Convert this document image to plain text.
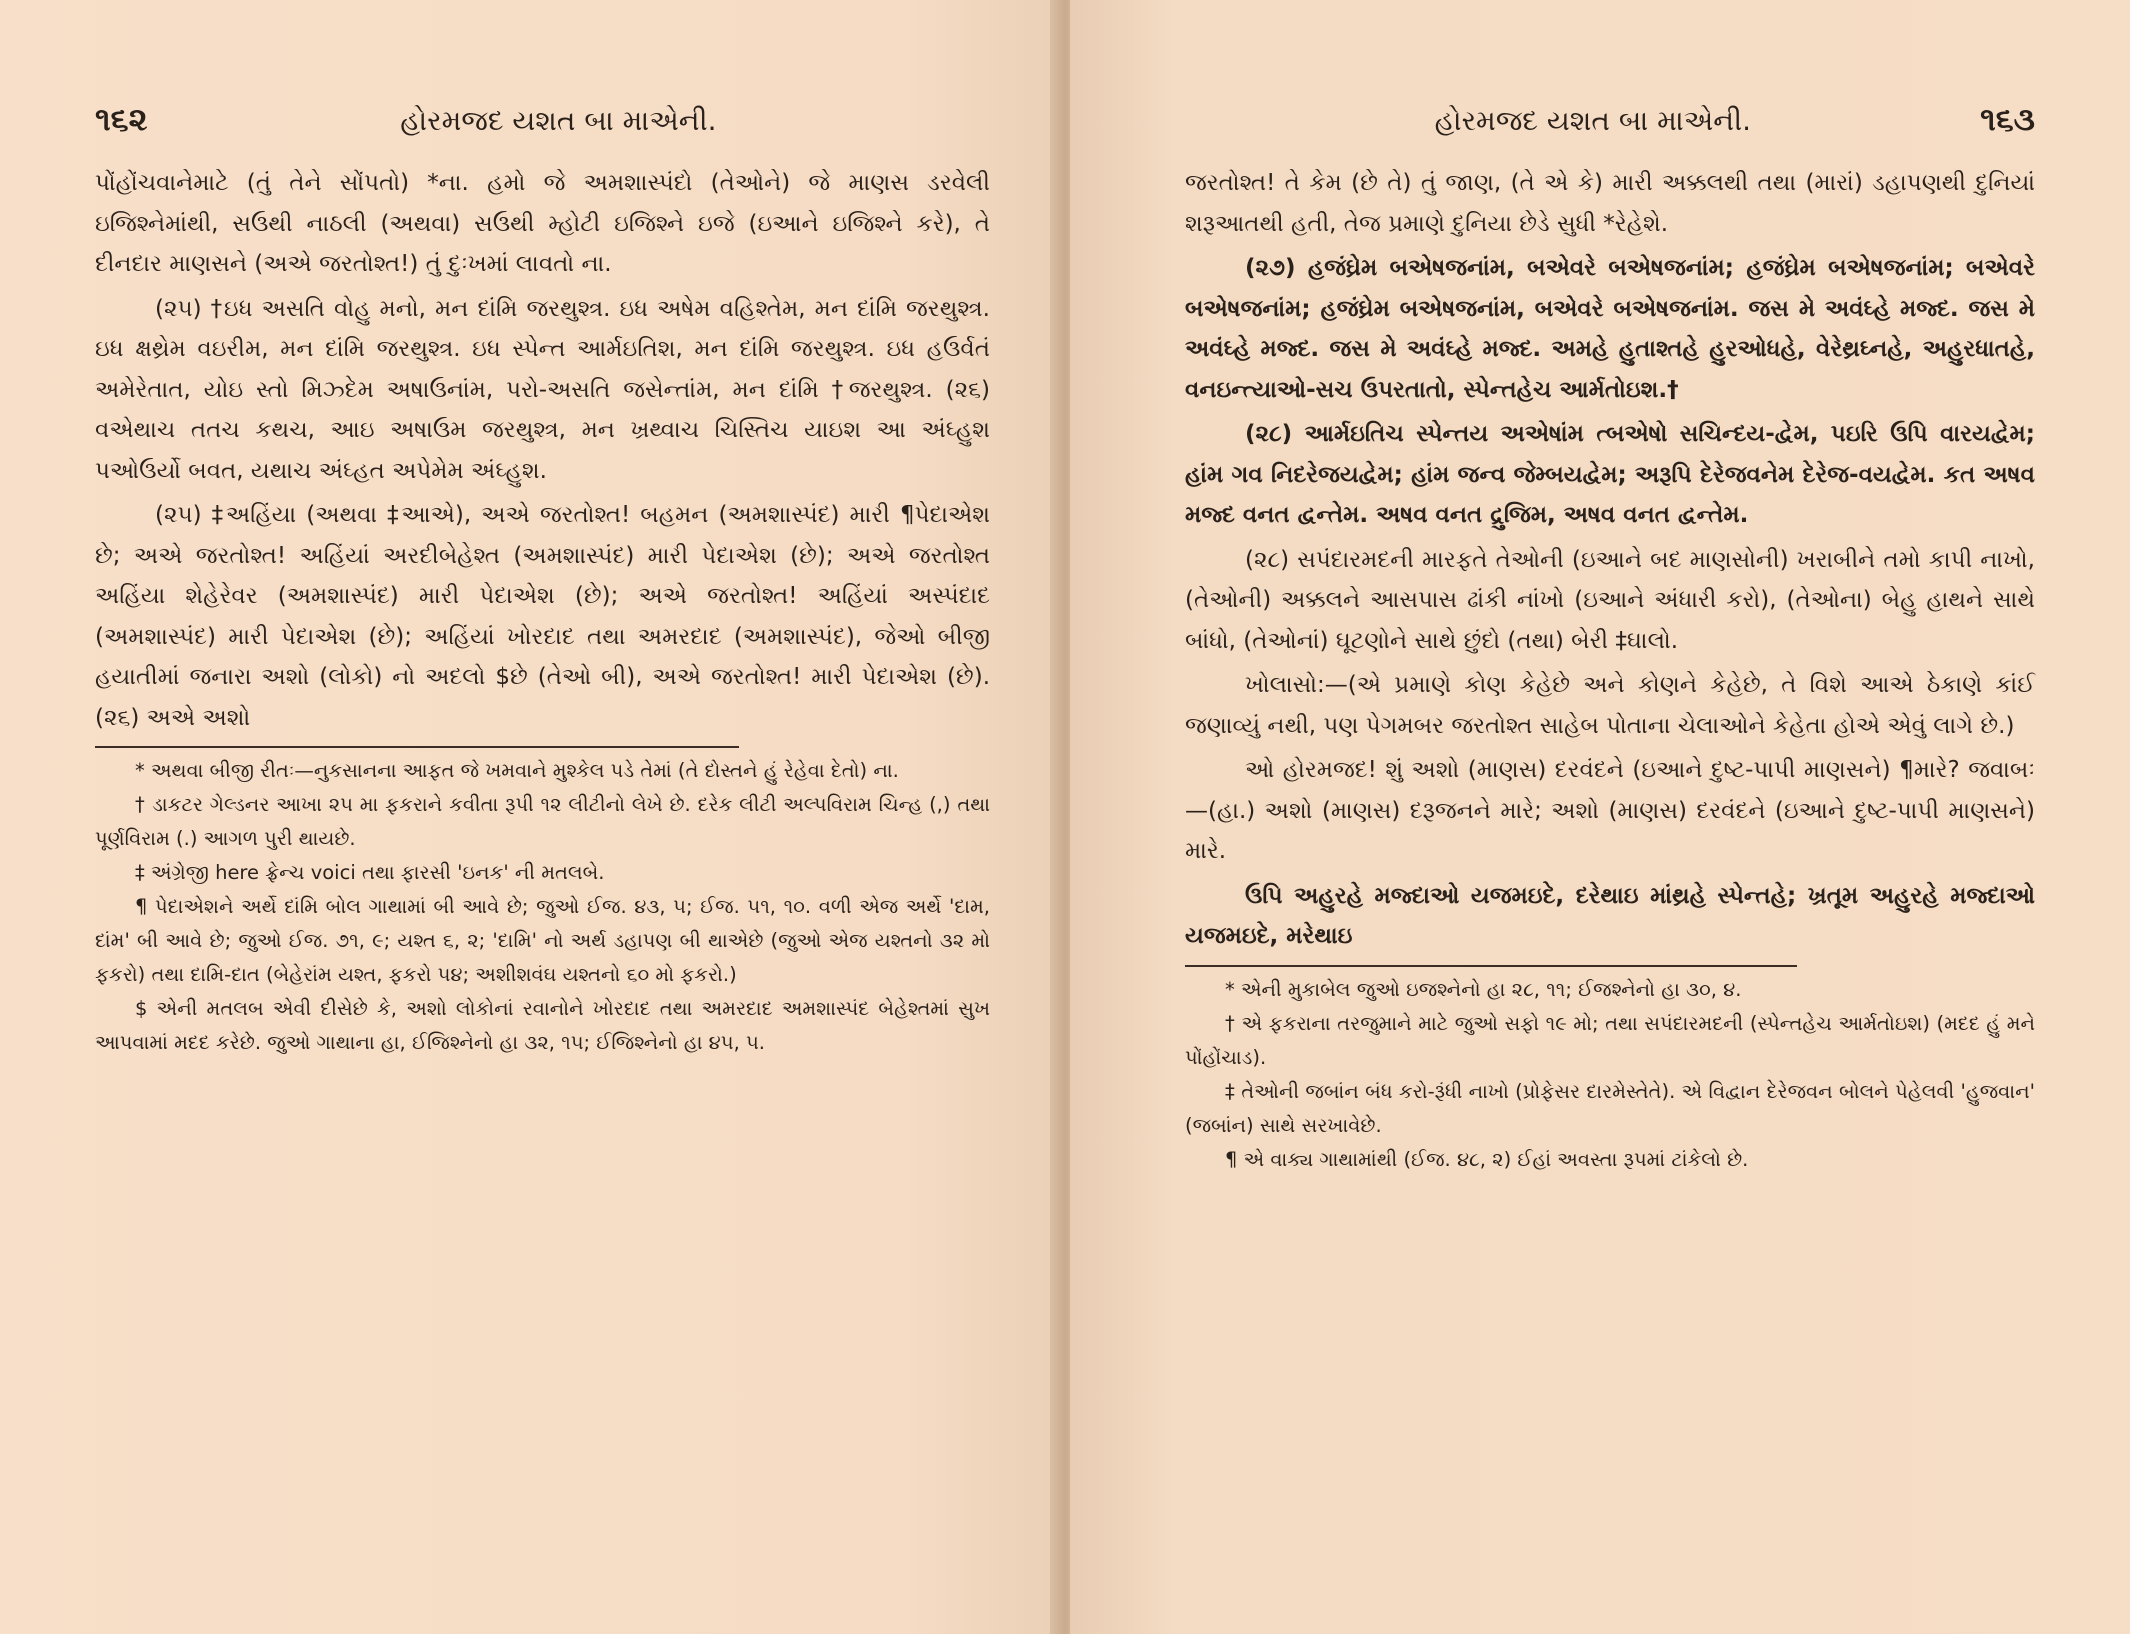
૧૬૨	હોરમજદ યશત બા માએની.

પોંહોંચવાનેમાટે (તું તેને સોંપતો) *ના. હમો જે અમશાસ્પંદો (તેઓને) જે માણસ ડરવેલી ઇજિશ્નેમાંથી, સઉથી નાઠલી (અથવા) સઉથી મ્હોટી ઇજિશ્ને ઇજે (ઇઆને ઇજિશ્ને કરે), તે દીનદાર માણસને (અએ જરતોશ્ત!) તું દુઃખમાં લાવતો ના.

(૨૫) †ઇધ અસતિ વોહુ મનો, મન દાંમિ જરથુશ્ત્ર. ઇધ અષેમ વહિશ્તેમ, મન દાંમિ જરથુશ્ત્ર. ઇધ ક્ષથ્રેમ વઇરીમ, મન દાંમિ જરથુશ્ત્ર. ઇધ સ્પેન્ત આર્મઇતિશ, મન દાંમિ જરથુશ્ત્ર. ઇધ હઉર્વતં અમેરેતાત, યોઇ સ્તો મિઝ્દેમ અષાઉનાંમ, પરો-અસતિ જસેન્તાંમ, મન દાંમિ †જરથુશ્ત્ર. (૨૬) વએથાચ તતચ કથચ, આઇ અષાઉમ જરથુશ્ત્ર, મન ખ્રથ્વાચ ચિસ્તિચ યાઇશ આ અંઘ્હુશ પઓઉર્યો બવત, યથાચ અંઘ્હત અપેમેમ અંઘ્હુશ.

(૨૫) ‡અહિંયા (અથવા ‡આએ), અએ જરતોશ્ત! બહમન (અમશાસ્પંદ) મારી ¶પેદાએશ છે; અએ જરતોશ્ત! અહિંયાં અરદીબેહેશ્ત (અમશાસ્પંદ) મારી પેદાએશ (છે); અએ જરતોશ્ત અહિંયા શેહેરેવર (અમશાસ્પંદ) મારી પેદાએશ (છે); અએ જરતોશ્ત! અહિંયાં અસ્પંદાદ (અમશાસ્પંદ) મારી પેદાએશ (છે); અહિંયાં ખોરદાદ તથા અમરદાદ (અમશાસ્પંદ), જેઓ બીજી હયાતીમાં જનારા અશો (લોકો) નો અદલો $છે (તેઓ બી), અએ જરતોશ્ત! મારી પેદાએશ (છે). (૨૬) અએ અશો

* અથવા બીજી રીતઃ—નુકસાનના આફત જે ખમવાને મુશ્કેલ પડે તેમાં (તે દોસ્તને હું રેહેવા દેતો) ના.

† ડાકટર ગેલ્ડનર આખા ૨૫ મા ફકરાને કવીતા રૂપી ૧૨ લીટીનો લેખે છે. દરેક લીટી અલ્પવિરામ ચિન્હ (,) તથા પૂર્ણવિરામ (.) આગળ પુરી થાયછે.

‡ અંગ્રેજી here ફ્રેન્ચ voici તથા ફારસી 'ઇનક' ની મતલબે.

¶ પેદાએશને અર્થે દાંમિ બોલ ગાથામાં બી આવે છે; જુઓ ઈજ. ૪૩, ૫; ઈજ. ૫૧, ૧૦. વળી એજ અર્થે 'દામ, દાંમ' બી આવે છે; જુઓ ઈજ. ૭૧, ૯; યશ્ત ૬, ૨; 'દામિ' નો અર્થ ડહાપણ બી થાએછે (જુઓ એજ યશ્તનો ૩૨ મો ફકરો) તથા દામિ-દાત (બેહેરાંમ યશ્ત, ફકરો ૫૪; અશીશવંઘ યશ્તનો ૬૦ મો ફકરો.)

$ એની મતલબ એવી દીસેછે કે, અશો લોકોનાં રવાનોને ખોરદાદ તથા અમરદાદ અમશાસ્પંદ બેહેશ્તમાં સુખ આપવામાં મદદ કરેછે. જુઓ ગાથાના હા, ઈજિશ્નેનો હા ૩૨, ૧૫; ઈજિશ્નેનો હા ૪૫, ૫.

હોરમજદ યશત બા માએની.	૧૬૩

જરતોશ્ત! તે કેમ (છે તે) તું જાણ, (તે એ કે) મારી અક્કલથી તથા (મારાં) ડહાપણથી દુનિયાં શરૂઆતથી હતી, તેજ પ્રમાણે દુનિયા છેડે સુધી *રેહેશે.

(૨૭) હજંઘ્રેમ બએષજનાંમ, બએવરે બએષજનાંમ; હજંઘ્રેમ બએષજનાંમ; બએવરે બએષજનાંમ; હજંઘ્રેમ બએષજનાંમ, બએવરે બએષજનાંમ. જસ મે અવંઘ્હે મજ્દ. જસ મે અવંઘ્હે મજ્દ. જસ મે અવંઘ્હે મજ્દ. અમહે હુતાશ્તહે હુરઓધહે, વેરેથ્રઘ્નહે, અહુરધાતહે, વનઇન્ત્યાઓ-સચ ઉપરતાતો, સ્પેન્તહેચ આર્મતોઇશ.†

(૨૮) આર્મઇતિચ સ્પેન્તય અએષાંમ ત્બએષો સચિન્દય-દ્વેમ, પઇરિ ઉપિ વારયદ્વેમ; હાંમ ગવ નિદરેજયદ્વેમ; હાંમ જન્વ જેમ્બયદ્વેમ; અરૂપિ દેરેજવનેમ દેરેજ-વયદ્વેમ. કત અષવ મજ્દ વનત દ્વન્તેમ. અષવ વનત દ્રુજિમ, અષવ વનત દ્વન્તેમ.

(૨૮) સપંદારમદની મારફતે તેઓની (ઇઆને બદ માણસોની) ખરાબીને તમો કાપી નાખો, (તેઓની) અક્કલને આસપાસ ઢાંકી નાંખો (ઇઆને અંધારી કરો), (તેઓના) બેહુ હાથને સાથે બાંધો, (તેઓનાં) ઘૂટણોને સાથે છુંદો (તથા) બેરી ‡ઘાલો.

ખોલાસો:—(એ પ્રમાણે કોણ કેહેછે અને કોણને કેહેછે, તે વિશે આએ ઠેકાણે કાંઈ જણાવ્યું નથી, પણ પેગમબર જરતોશ્ત સાહેબ પોતાના ચેલાઓને કેહેતા હોએ એવું લાગે છે.)

ઓ હોરમજદ! શું અશો (માણસ) દરવંદને (ઇઆને દુષ્ટ-પાપી માણસને) ¶મારે? જવાબઃ—(હા.) અશો (માણસ) દરૂજનને મારે; અશો (માણસ) દરવંદને (ઇઆને દુષ્ટ-પાપી માણસને) મારે.

ઉપિ અહુરહે મજ્દાઓ યજમઇદે, દરેથાઇ માંથ્રહે સ્પેન્તહે; ખ્રતૂમ અહુરહે મજ્દાઓ યજમઇદે, મરેથાઇ

* એની મુકાબેલ જુઓ ઇજશ્નેનો હા ૨૮, ૧૧; ઈજશ્નેનો હા ૩૦, ૪.

† એ ફકરાના તરજુમાને માટે જુઓ સફો ૧૯ મો; તથા સપંદારમદની (સ્પેન્તહેચ આર્મતોઇશ) (મદદ હું મને પોંહોંચાડ).

‡ તેઓની જબાંન બંધ કરો-રૂંધી નાખો (પ્રોફેસર દારમેસ્તેતે). એ વિદ્વાન દેરેજવન બોલને પેહેલવી 'હુજવાન' (જબાંન) સાથે સરખાવેછે.

¶ એ વાક્ય ગાથામાંથી (ઈજ. ૪૮, ૨) ઈહાં અવસ્તા રૂપમાં ટાંકેલો છે.
